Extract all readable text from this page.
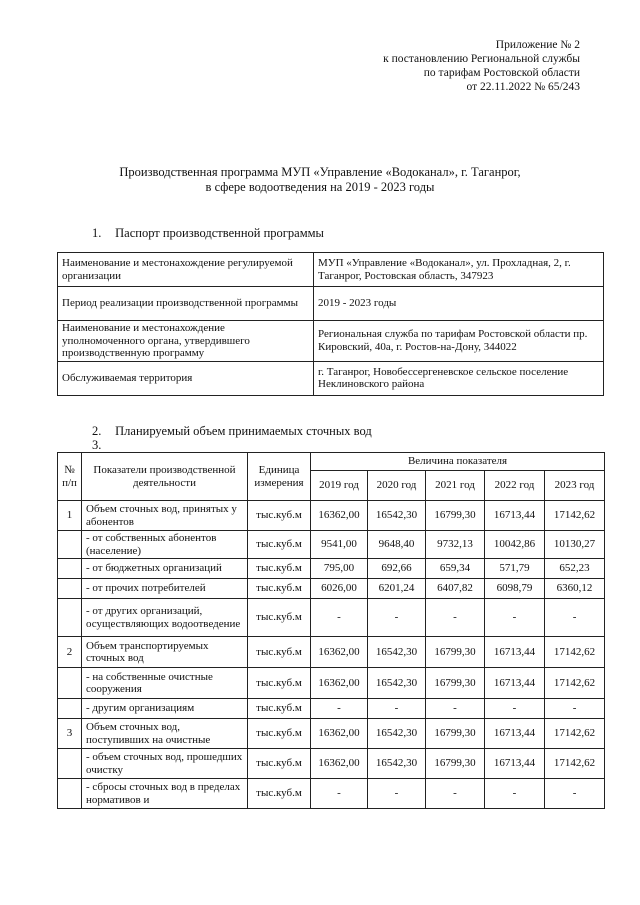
Приложение № 2
к постановлению Региональной службы
по тарифам Ростовской области
от 22.11.2022 № 65/243
Производственная программа МУП «Управление «Водоканал», г. Таганрог,
в сфере водоотведения на 2019 - 2023 годы
1. Паспорт производственной программы
Наименование и местонахождение регулируемой организации	МУП «Управление «Водоканал», ул. Прохладная, 2, г. Таганрог, Ростовская область, 347923
Период реализации производственной программы	2019 - 2023 годы
Наименование и местонахождение уполномоченного органа, утвердившего производственную программу	Региональная служба по тарифам Ростовской области пр. Кировский, 40а, г. Ростов-на-Дону, 344022
Обслуживаемая территория	г. Таганрог, Новобессергеневское сельское поселение Неклиновского района
2. Планируемый объем принимаемых сточных вод
3.
№ п/п	Показатели производственной деятельности	Единица измерения	Величина показателя				
			2019 год	2020 год	2021 год	2022 год	2023 год
1	Объем сточных вод, принятых у абонентов	тыс.куб.м	16362,00	16542,30	16799,30	16713,44	17142,62
	- от собственных абонентов (население)	тыс.куб.м	9541,00	9648,40	9732,13	10042,86	10130,27
	- от бюджетных организаций	тыс.куб.м	795,00	692,66	659,34	571,79	652,23
	- от прочих потребителей	тыс.куб.м	6026,00	6201,24	6407,82	6098,79	6360,12
	- от других организаций, осуществляющих водоотведение	тыс.куб.м	-	-	-	-	-
2	Объем транспортируемых сточных вод	тыс.куб.м	16362,00	16542,30	16799,30	16713,44	17142,62
	- на собственные очистные сооружения	тыс.куб.м	16362,00	16542,30	16799,30	16713,44	17142,62
	- другим организациям	тыс.куб.м	-	-	-	-	-
3	Объем сточных вод, поступивших на очистные	тыс.куб.м	16362,00	16542,30	16799,30	16713,44	17142,62
	- объем сточных вод, прошедших очистку	тыс.куб.м	16362,00	16542,30	16799,30	16713,44	17142,62
	- сбросы сточных вод в пределах нормативов и	тыс.куб.м	-	-	-	-	-
